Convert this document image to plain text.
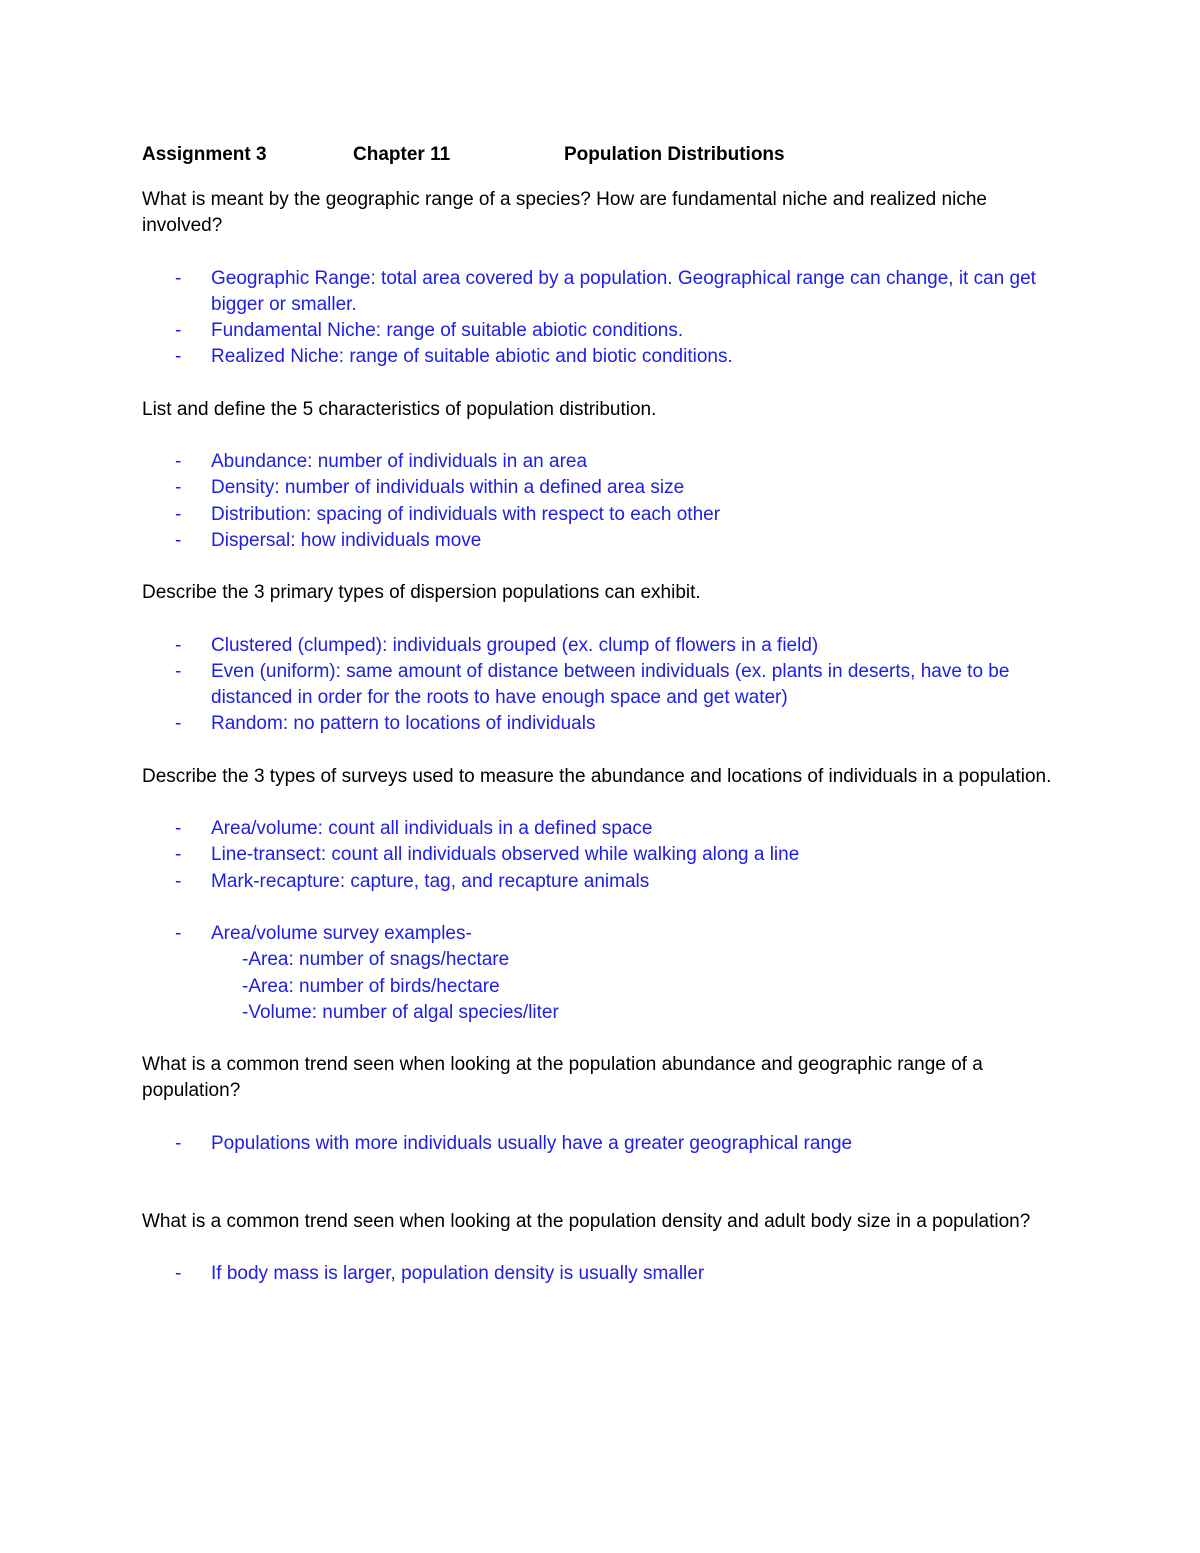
Assignment 3	Chapter 11	Population Distributions

What is meant by the geographic range of a species? How are fundamental niche and realized niche involved?

- Geographic Range: total area covered by a population. Geographical range can change, it can get bigger or smaller.
- Fundamental Niche: range of suitable abiotic conditions.
- Realized Niche: range of suitable abiotic and biotic conditions.

List and define the 5 characteristics of population distribution.

- Abundance: number of individuals in an area
- Density: number of individuals within a defined area size
- Distribution: spacing of individuals with respect to each other
- Dispersal: how individuals move

Describe the 3 primary types of dispersion populations can exhibit.

- Clustered (clumped): individuals grouped (ex. clump of flowers in a field)
- Even (uniform): same amount of distance between individuals (ex. plants in deserts, have to be distanced in order for the roots to have enough space and get water)
- Random: no pattern to locations of individuals

Describe the 3 types of surveys used to measure the abundance and locations of individuals in a population.

- Area/volume: count all individuals in a defined space
- Line-transect: count all individuals observed while walking along a line
- Mark-recapture: capture, tag, and recapture animals
- Area/volume survey examples-
-Area: number of snags/hectare
-Area: number of birds/hectare
-Volume: number of algal species/liter

What is a common trend seen when looking at the population abundance and geographic range of a population?

- Populations with more individuals usually have a greater geographical range

What is a common trend seen when looking at the population density and adult body size in a population?

- If body mass is larger, population density is usually smaller
